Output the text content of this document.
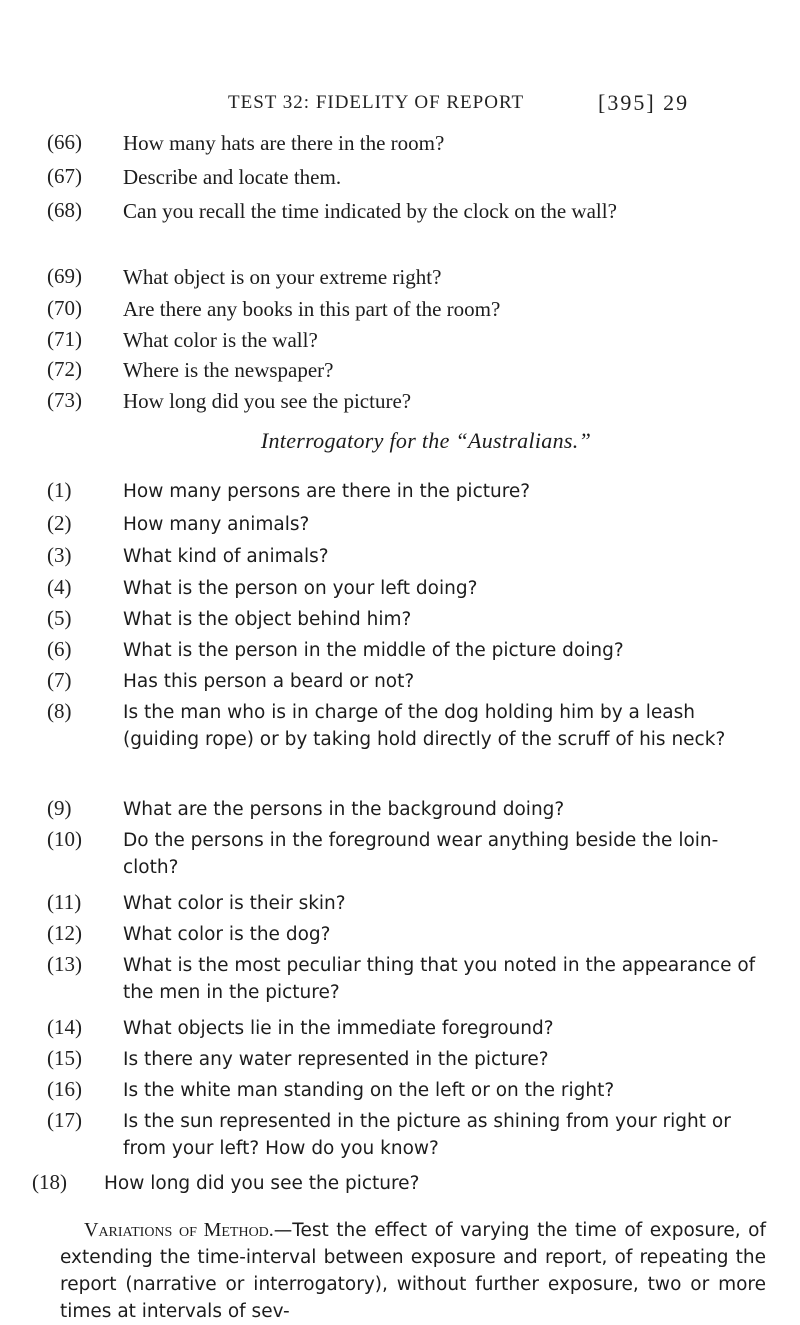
TEST 32: FIDELITY OF REPORT	[395] 29
(66) How many hats are there in the room?
(67) Describe and locate them.
(68) Can you recall the time indicated by the clock on the wall?
(69) What object is on your extreme right?
(70) Are there any books in this part of the room?
(71) What color is the wall?
(72) Where is the newspaper?
(73) How long did you see the picture?
Interrogatory for the “Australians.”
(1)	How many persons are there in the picture?
(2)	How many animals?
(3)	What kind of animals?
(4)	What is the person on your left doing?
(5)	What is the object behind him?
(6)	What is the person in the middle of the picture doing?
(7)	Has this person a beard or not?
(8)	Is the man who is in charge of the dog holding him by a leash (guiding rope) or by taking hold directly of the scruff of his neck?
(9)	What are the persons in the background doing?
(10) Do the persons in the foreground wear anything beside the loin-cloth?
(11) What color is their skin?
(12) What color is the dog?
(13) What is the most peculiar thing that you noted in the appearance of the men in the picture?
(14) What objects lie in the immediate foreground?
(15) Is there any water represented in the picture?
(16) Is the white man standing on the left or on the right?
(17) Is the sun represented in the picture as shining from your right or from your left? How do you know?
(18) How long did you see the picture?
Variations of Method.—Test the effect of varying the time of exposure, of extending the time-interval between exposure and report, of repeating the report (narrative or interrogatory), without further exposure, two or more times at intervals of sev-
